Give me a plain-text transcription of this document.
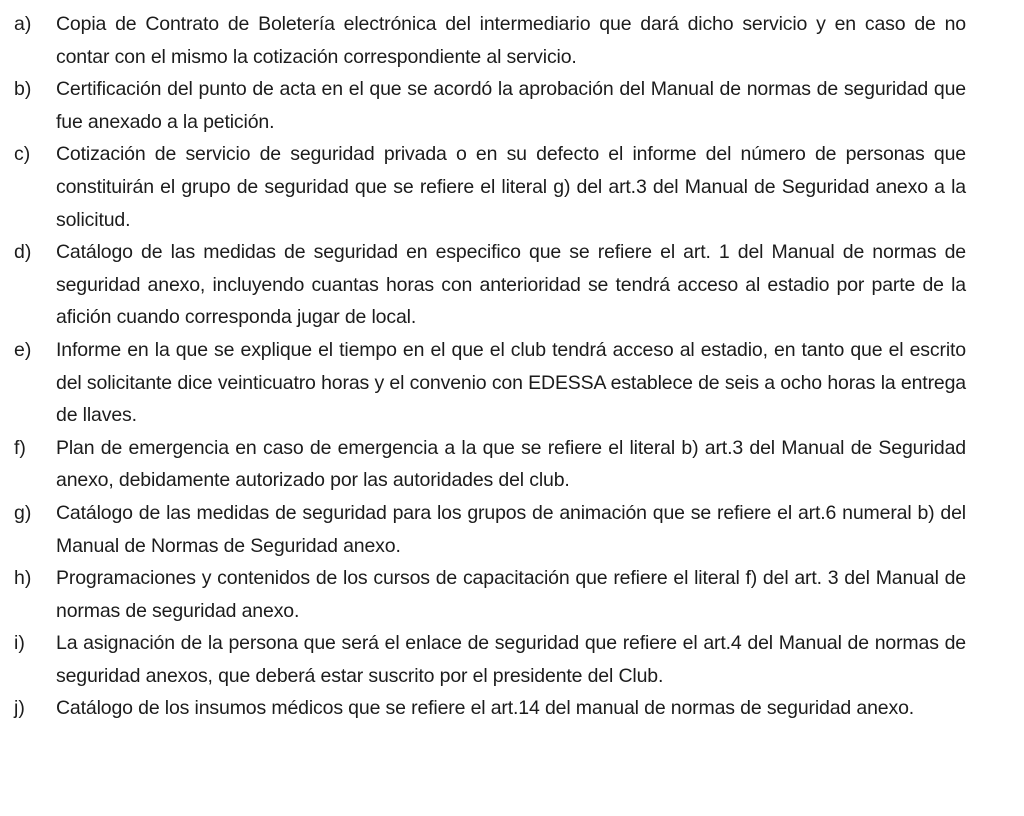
a)	Copia de Contrato de Boletería electrónica del intermediario que dará dicho servicio y en caso de no contar con el mismo la cotización correspondiente al servicio.
b)	Certificación del punto de acta en el que se acordó la aprobación del Manual de normas de seguridad que fue anexado a la petición.
c)	Cotización de servicio de seguridad privada o en su defecto el informe del número de personas que constituirán el grupo de seguridad que se refiere el literal g) del art.3 del Manual de Seguridad anexo a la solicitud.
d)	Catálogo de las medidas de seguridad en especifico que se refiere el art. 1 del Manual de normas de seguridad anexo, incluyendo cuantas horas con anterioridad se tendrá acceso al estadio por parte de la afición cuando corresponda jugar de local.
e)	Informe en la que se explique el tiempo en el que el club tendrá acceso al estadio, en tanto que el escrito del solicitante dice veinticuatro horas y el convenio con EDESSA establece de seis a ocho horas la entrega de llaves.
f)	Plan de emergencia en caso de emergencia a la que se refiere el literal b) art.3 del Manual de Seguridad anexo, debidamente autorizado por las autoridades del club.
g)	Catálogo de las medidas de seguridad para los grupos de animación que se refiere el art.6 numeral b) del Manual de Normas de Seguridad anexo.
h)	Programaciones y contenidos de los cursos de capacitación que refiere el literal f) del art. 3 del Manual de normas de seguridad anexo.
i)	La asignación de la persona que será el enlace de seguridad que refiere el art.4 del Manual de normas de seguridad anexos, que deberá estar suscrito por el presidente del Club.
j)	Catálogo de los insumos médicos que se refiere el art.14 del manual de normas de seguridad anexo.
